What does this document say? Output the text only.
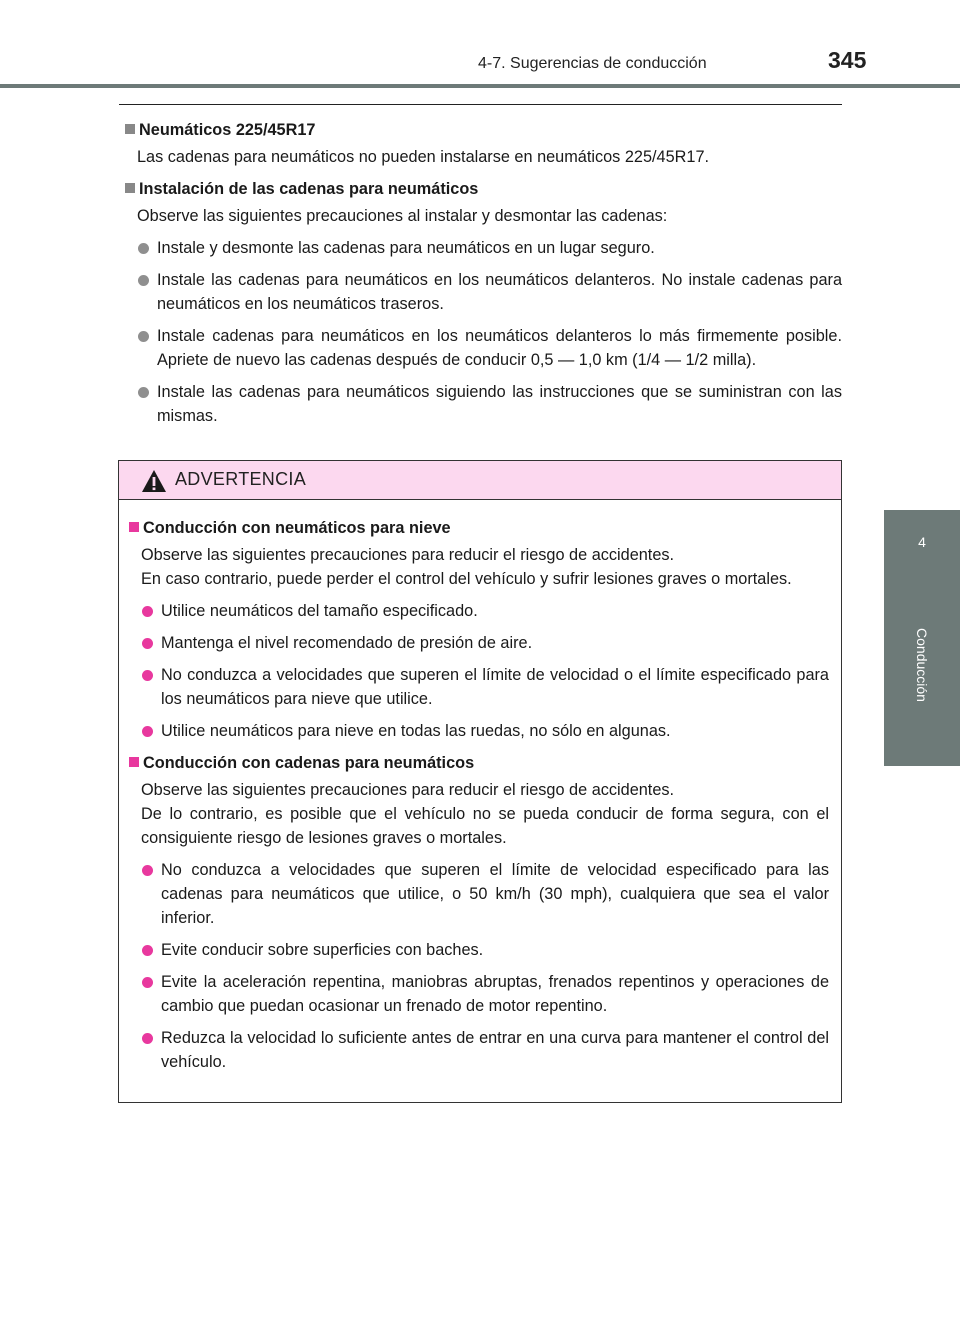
4-7. Sugerencias de conducción	345
4
Conducción
Neumáticos 225/45R17
Las cadenas para neumáticos no pueden instalarse en neumáticos 225/45R17.
Instalación de las cadenas para neumáticos
Observe las siguientes precauciones al instalar y desmontar las cadenas:
Instale y desmonte las cadenas para neumáticos en un lugar seguro.
Instale las cadenas para neumáticos en los neumáticos delanteros. No instale cadenas para neumáticos en los neumáticos traseros.
Instale cadenas para neumáticos en los neumáticos delanteros lo más firmemente posible. Apriete de nuevo las cadenas después de conducir 0,5 — 1,0 km (1/4 — 1/2 milla).
Instale las cadenas para neumáticos siguiendo las instrucciones que se suministran con las mismas.
ADVERTENCIA
Conducción con neumáticos para nieve

Observe las siguientes precauciones para reducir el riesgo de accidentes.

En caso contrario, puede perder el control del vehículo y sufrir lesiones graves o mortales.

Utilice neumáticos del tamaño especificado.
Mantenga el nivel recomendado de presión de aire.
No conduzca a velocidades que superen el límite de velocidad o el límite especificado para los neumáticos para nieve que utilice.
Utilice neumáticos para nieve en todas las ruedas, no sólo en algunas.
Conducción con cadenas para neumáticos

Observe las siguientes precauciones para reducir el riesgo de accidentes.

De lo contrario, es posible que el vehículo no se pueda conducir de forma segura, con el consiguiente riesgo de lesiones graves o mortales.

No conduzca a velocidades que superen el límite de velocidad especificado para las cadenas para neumáticos que utilice, o 50 km/h (30 mph), cualquiera que sea el valor inferior.
Evite conducir sobre superficies con baches.
Evite la aceleración repentina, maniobras abruptas, frenados repentinos y operaciones de cambio que puedan ocasionar un frenado de motor repentino.
Reduzca la velocidad lo suficiente antes de entrar en una curva para mantener el control del vehículo.
